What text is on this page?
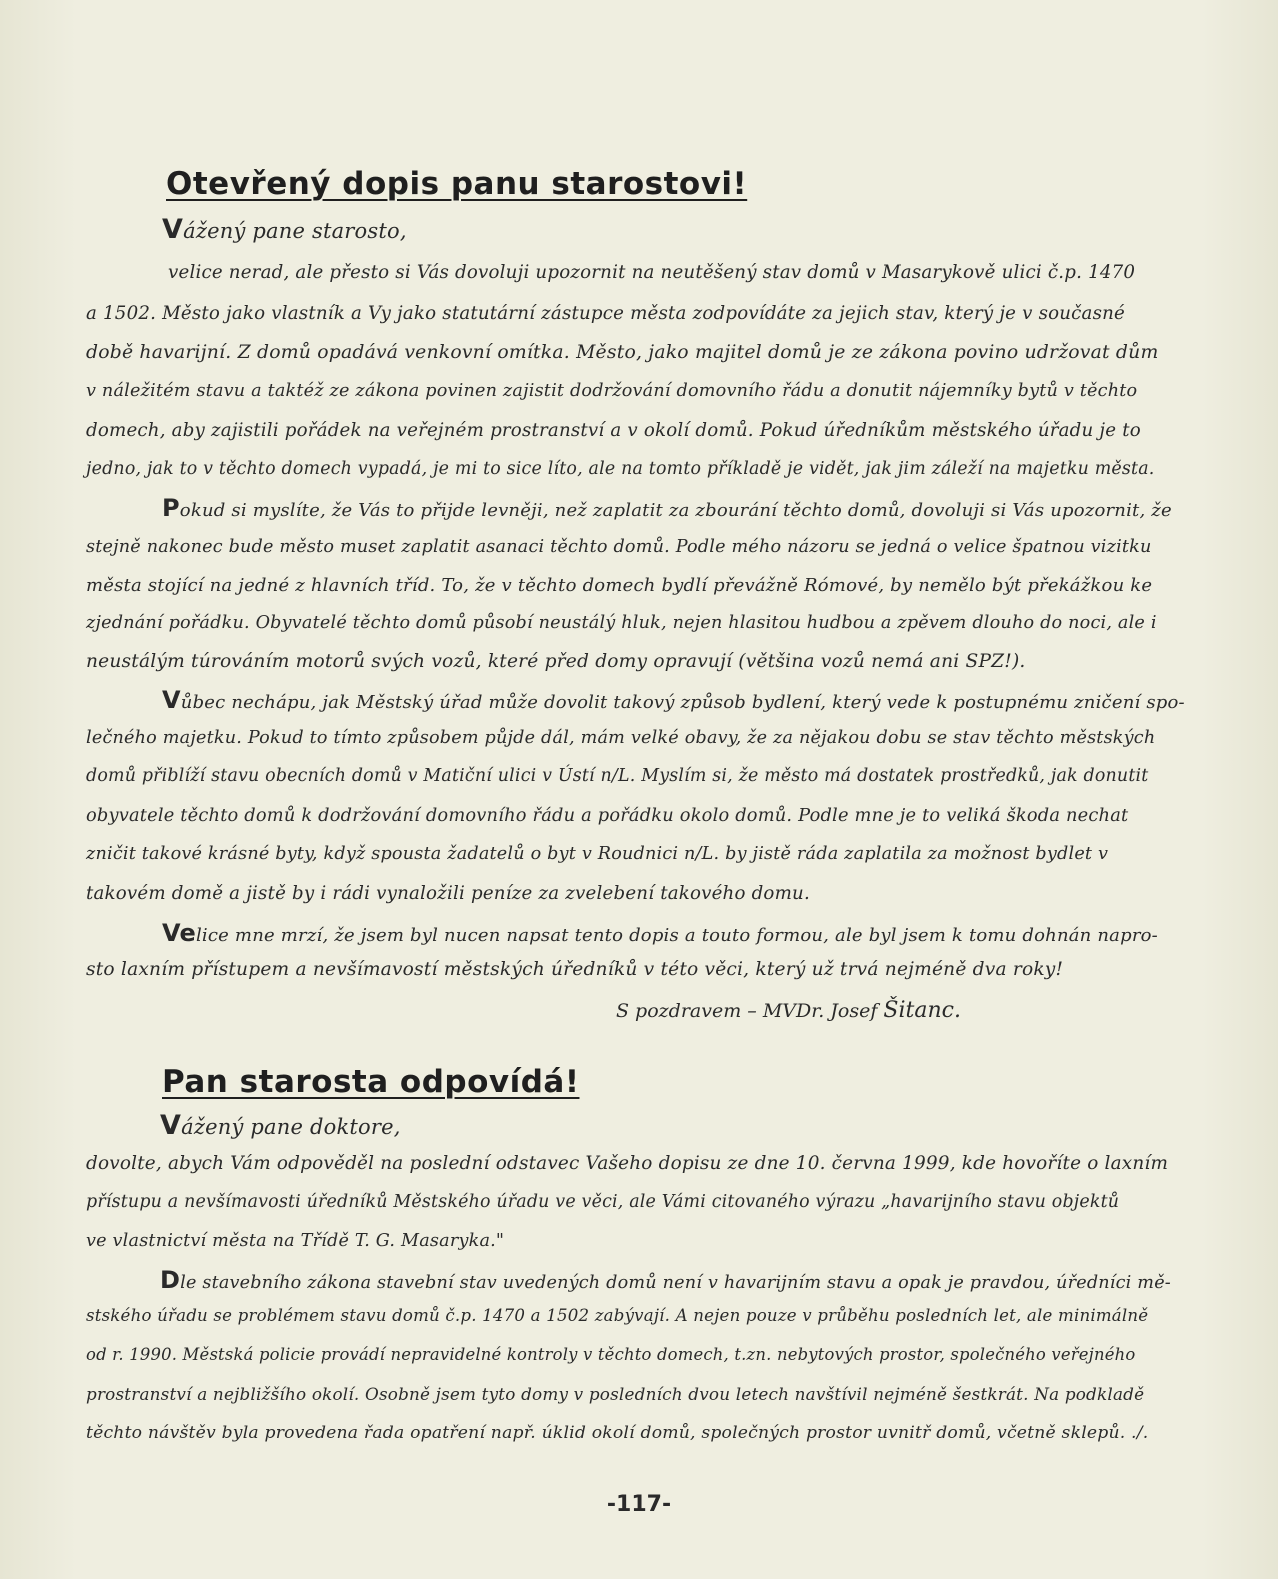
Otevřený dopis panu starostovi!
Vážený pane starosto,
velice nerad, ale přesto si Vás dovoluji upozornit na neutěšený stav domů v Masarykově ulici č.p. 1470
a 1502. Město jako vlastník a Vy jako statutární zástupce města zodpovídáte za jejich stav, který je v současné
době havarijní. Z domů opadává venkovní omítka. Město, jako majitel domů je ze zákona povino udržovat dům
v náležitém stavu a taktéž ze zákona povinen zajistit dodržování domovního řádu a donutit nájemníky bytů v těchto
domech, aby zajistili pořádek na veřejném prostranství a v okolí domů. Pokud úředníkům městského úřadu je to
jedno, jak to v těchto domech vypadá, je mi to sice líto, ale na tomto příkladě je vidět, jak jim záleží na majetku města.
Pokud si myslíte, že Vás to přijde levněji, než zaplatit za zbourání těchto domů, dovoluji si Vás upozornit, že
stejně nakonec bude město muset zaplatit asanaci těchto domů. Podle mého názoru se jedná o velice špatnou vizitku
města stojící na jedné z hlavních tříd. To, že v těchto domech bydlí převážně Rómové, by nemělo být překážkou ke
zjednání pořádku. Obyvatelé těchto domů působí neustálý hluk, nejen hlasitou hudbou a zpěvem dlouho do noci, ale i
neustálým túrováním motorů svých vozů, které před domy opravují (většina vozů nemá ani SPZ!).
Vůbec nechápu, jak Městský úřad může dovolit takový způsob bydlení, který vede k postupnému zničení spo-
lečného majetku. Pokud to tímto způsobem půjde dál, mám velké obavy, že za nějakou dobu se stav těchto městských
domů přiblíží stavu obecních domů v Matiční ulici v Ústí n/L. Myslím si, že město má dostatek prostředků, jak donutit
obyvatele těchto domů k dodržování domovního řádu a pořádku okolo domů. Podle mne je to veliká škoda nechat
zničit takové krásné byty, když spousta žadatelů o byt v Roudnici n/L. by jistě ráda zaplatila za možnost bydlet v
takovém domě a jistě by i rádi vynaložili peníze za zvelebení takového domu.
Velice mne mrzí, že jsem byl nucen napsat tento dopis a touto formou, ale byl jsem k tomu dohnán napro-
sto laxním přístupem a nevšímavostí městských úředníků v této věci, který už trvá nejméně dva roky!
S pozdravem – MVDr. Josef Šitanc.
Pan starosta odpovídá!
Vážený pane doktore,
dovolte, abych Vám odpověděl na poslední odstavec Vašeho dopisu ze dne 10. června 1999, kde hovoříte o laxním
přístupu a nevšímavosti úředníků Městského úřadu ve věci, ale Vámi citovaného výrazu „havarijního stavu objektů
ve vlastnictví města na Třídě T. G. Masaryka."
Dle stavebního zákona stavební stav uvedených domů není v havarijním stavu a opak je pravdou, úředníci mě-
stského úřadu se problémem stavu domů č.p. 1470 a 1502 zabývají. A nejen pouze v průběhu posledních let, ale minimálně
od r. 1990. Městská policie provádí nepravidelné kontroly v těchto domech, t.zn. nebytových prostor, společného veřejného
prostranství a nejbližšího okolí. Osobně jsem tyto domy v posledních dvou letech navštívil nejméně šestkrát. Na podkladě
těchto návštěv byla provedena řada opatření např. úklid okolí domů, společných prostor uvnitř domů, včetně sklepů. ./.
-117-
